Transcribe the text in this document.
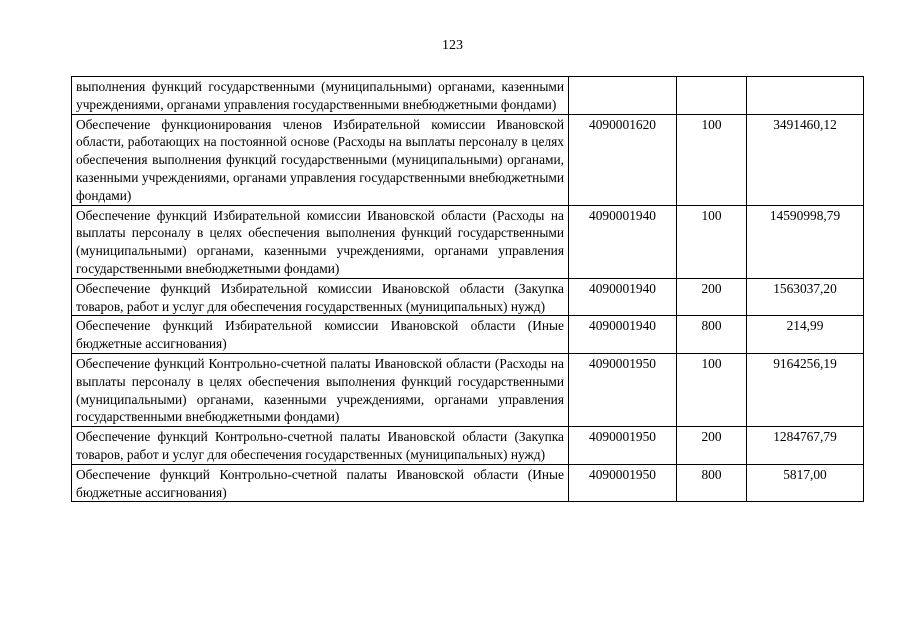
123
выполнения функций государственными (муниципальными) органами, казенными учреждениями, органами управления государственными внебюджетными фондами)			
Обеспечение функционирования членов Избирательной комиссии Ивановской области, работающих на постоянной основе (Расходы на выплаты персоналу в целях обеспечения выполнения функций государственными (муниципальными) органами, казенными учреждениями, органами управления государственными внебюджетными фондами)	4090001620	100	3491460,12
Обеспечение функций Избирательной комиссии Ивановской области (Расходы на выплаты персоналу в целях обеспечения выполнения функций государственными (муниципальными) органами, казенными учреждениями, органами управления государственными внебюджетными фондами)	4090001940	100	14590998,79
Обеспечение функций Избирательной комиссии Ивановской области (Закупка товаров, работ и услуг для обеспечения государственных (муниципальных) нужд)	4090001940	200	1563037,20
Обеспечение функций Избирательной комиссии Ивановской области (Иные бюджетные ассигнования)	4090001940	800	214,99
Обеспечение функций Контрольно-счетной палаты Ивановской области (Расходы на выплаты персоналу в целях обеспечения выполнения функций государственными (муниципальными) органами, казенными учреждениями, органами управления государственными внебюджетными фондами)	4090001950	100	9164256,19
Обеспечение функций Контрольно-счетной палаты Ивановской области (Закупка товаров, работ и услуг для обеспечения государственных (муниципальных) нужд)	4090001950	200	1284767,79
Обеспечение функций Контрольно-счетной палаты Ивановской области (Иные бюджетные ассигнования)	4090001950	800	5817,00
